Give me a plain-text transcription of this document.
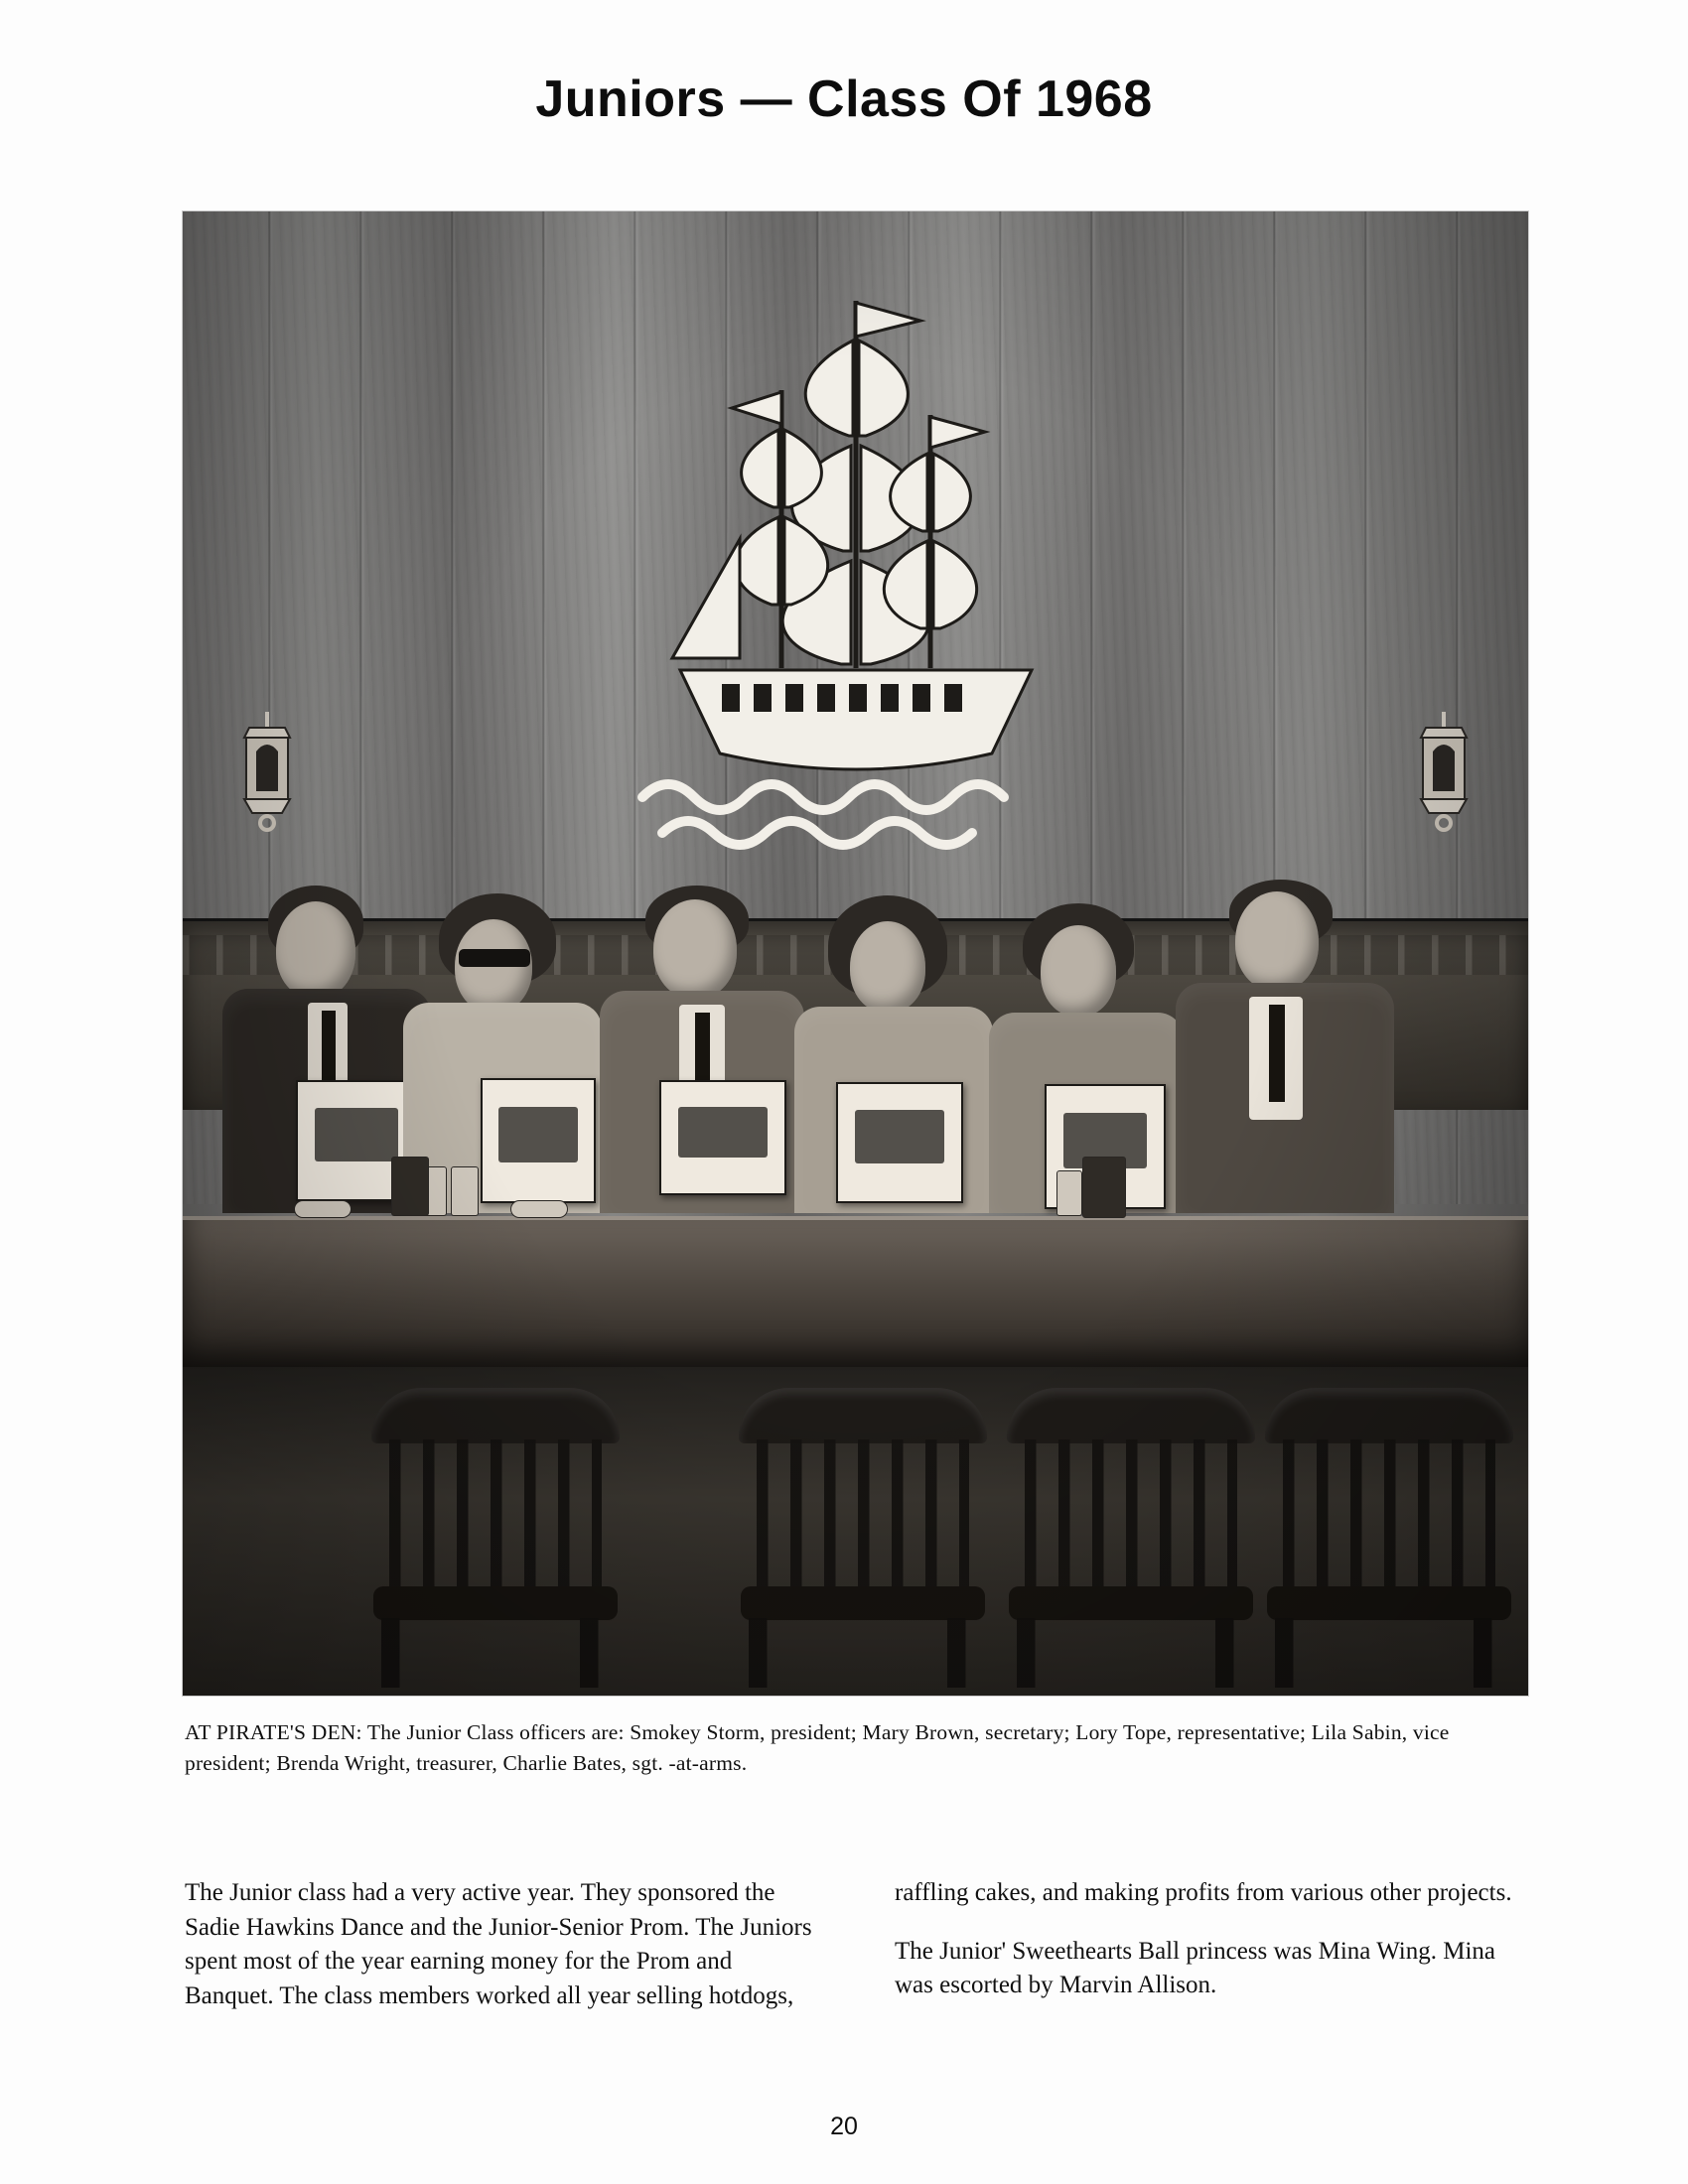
Juniors — Class Of 1968
AT PIRATE'S DEN: The Junior Class officers are: Smokey Storm, president; Mary Brown, secretary; Lory Tope, representative; Lila Sabin, vice president; Brenda Wright, treasurer, Charlie Bates, sgt. -at-arms.

The Junior class had a very active year. They sponsored the Sadie Hawkins Dance and the Junior-Senior Prom. The Juniors spent most of the year earning money for the Prom and Banquet. The class members worked all year selling hotdogs,

raffling cakes, and making profits from various other projects.

The Junior' Sweethearts Ball princess was Mina Wing. Mina was escorted by Marvin Allison.

20
